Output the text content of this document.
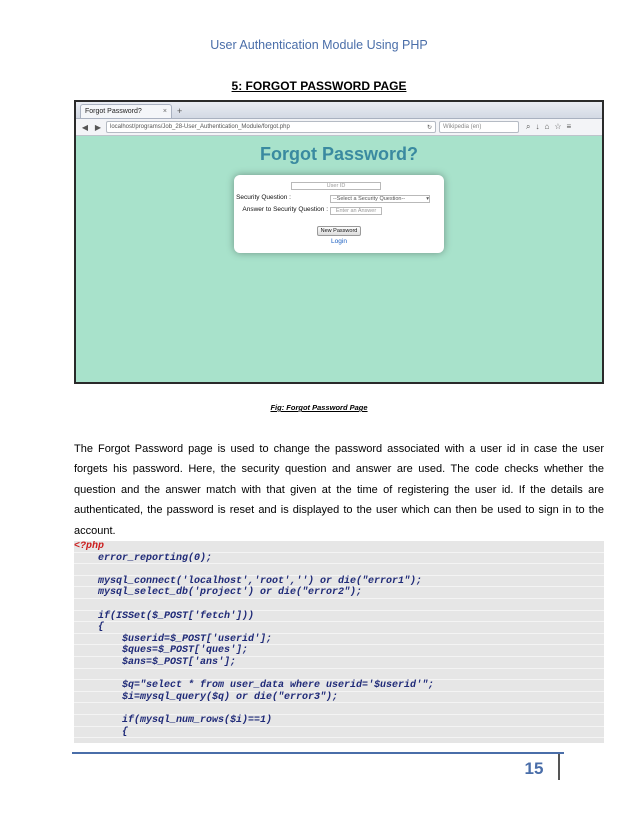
User Authentication Module Using PHP
5: FORGOT PASSWORD PAGE
Forgot Password?	× +
◀ ▶	localhost/programs/Job_28-User_Authentication_Module/forgot.php	↻ Wikipedia (en)	⌕ ↓ ⌂ ☆ ≡
Forgot Password?
User ID
Security Question :	--Select a Security Question--	▾
Answer to Security Question :	Enter an Answer
New Password
Login
Fig: Forgot Password Page

The Forgot Password page is used to change the password associated with a user id in case the user forgets his password. Here, the security question and answer are used. The code checks whether the question and the answer match with that given at the time of registering the user id. If the details are authenticated, the password is reset and is displayed to the user which can then be used to sign in to the account.

<?php
error_reporting(0);
mysql_connect('localhost','root','') or die("error1");
mysql_select_db('project') or die("error2");
if(ISSet($_POST['fetch']))
{
$userid=$_POST['userid'];
$ques=$_POST['ques'];
$ans=$_POST['ans'];
$q="select * from user_data where userid='$userid'";
$i=mysql_query($q) or die("error3");
if(mysql_num_rows($i)==1)
{
15
